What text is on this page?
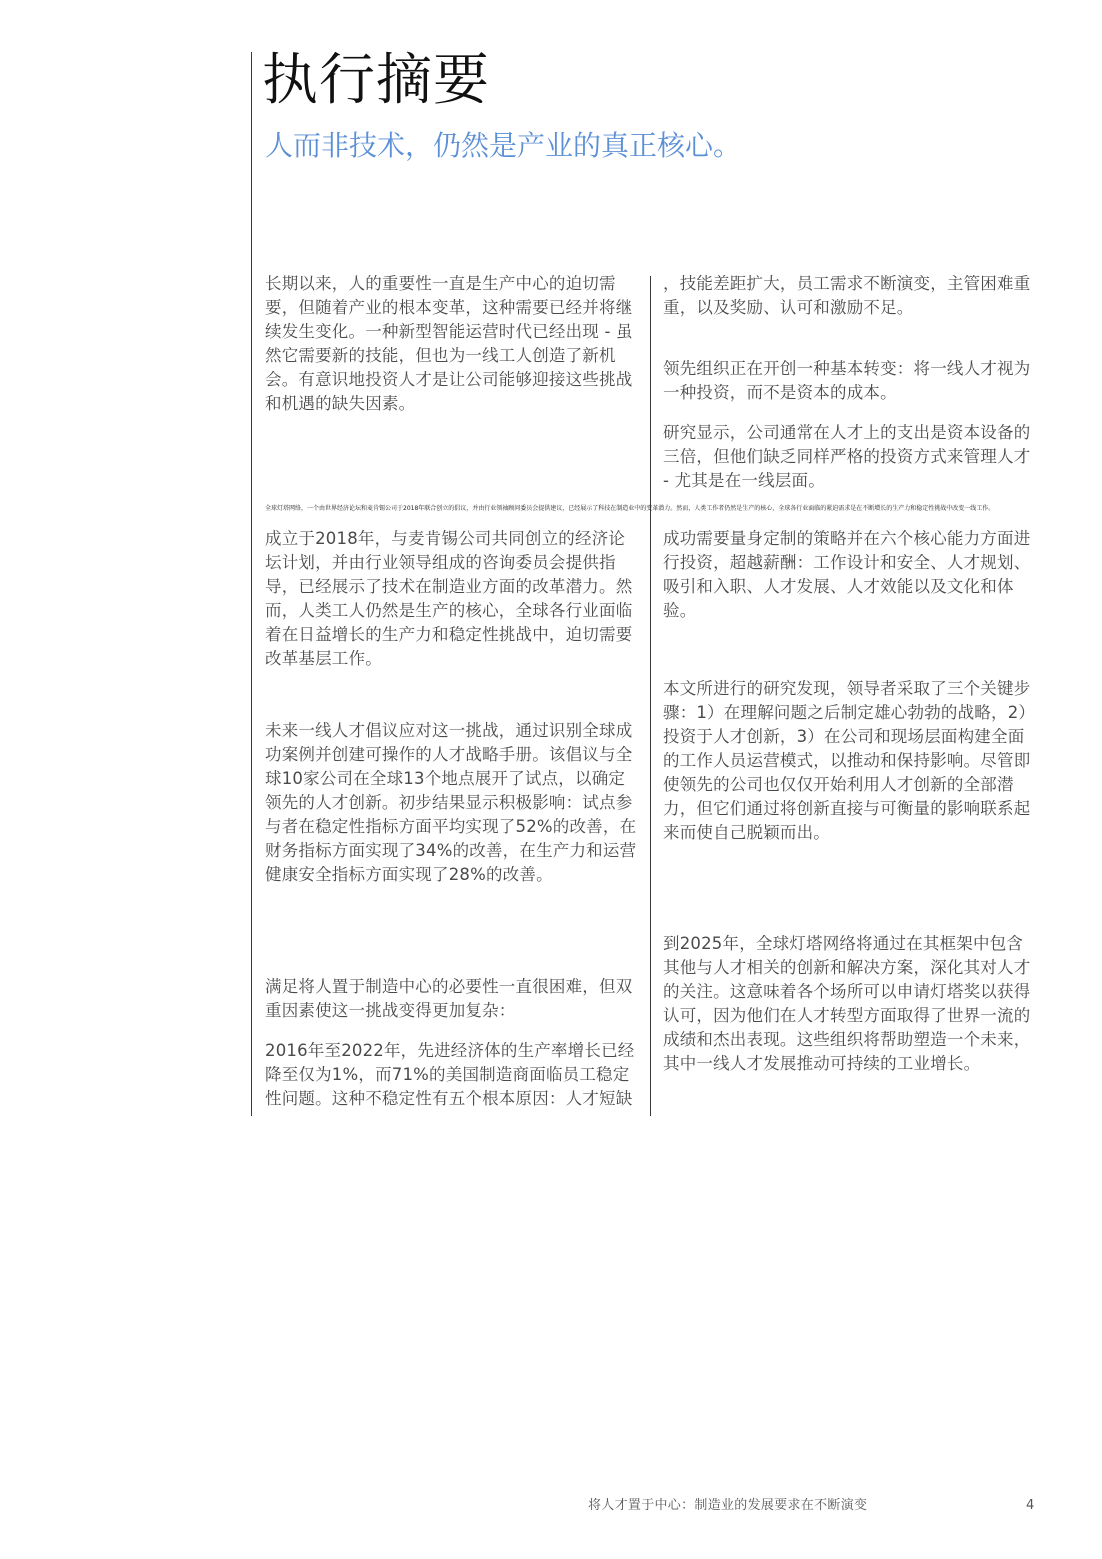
执行摘要
人而非技术，仍然是产业的真正核心。

长期以来，人的重要性一直是生产中心的迫切需要，但随着产业的根本变革，这种需要已经并将继续发生变化。一种新型智能运营时代已经出现 - 虽然它需要新的技能，但也为一线工人创造了新机会。有意识地投资人才是让公司能够迎接这些挑战和机遇的缺失因素。

成立于2018年，与麦肯锡公司共同创立的经济论坛计划，并由行业领导组成的咨询委员会提供指导，已经展示了技术在制造业方面的改革潜力。然而，人类工人仍然是生产的核心，全球各行业面临着在日益增长的生产力和稳定性挑战中，迫切需要改革基层工作。

未来一线人才倡议应对这一挑战，通过识别全球成功案例并创建可操作的人才战略手册。该倡议与全球10家公司在全球13个地点展开了试点，以确定领先的人才创新。初步结果显示积极影响：试点参与者在稳定性指标方面平均实现了52%的改善，在财务指标方面实现了34%的改善，在生产力和运营健康安全指标方面实现了28%的改善。

满足将人置于制造中心的必要性一直很困难，但双重因素使这一挑战变得更加复杂：

2016年至2022年，先进经济体的生产率增长已经降至仅为1%，而71%的美国制造商面临员工稳定性问题。这种不稳定性有五个根本原因：人才短缺

，技能差距扩大，员工需求不断演变，主管困难重重，以及奖励、认可和激励不足。

领先组织正在开创一种基本转变：将一线人才视为一种投资，而不是资本的成本。

研究显示，公司通常在人才上的支出是资本设备的三倍，但他们缺乏同样严格的投资方式来管理人才 - 尤其是在一线层面。

成功需要量身定制的策略并在六个核心能力方面进行投资，超越薪酬：工作设计和安全、人才规划、吸引和入职、人才发展、人才效能以及文化和体验。

本文所进行的研究发现，领导者采取了三个关键步骤：1）在理解问题之后制定雄心勃勃的战略，2）投资于人才创新，3）在公司和现场层面构建全面的工作人员运营模式，以推动和保持影响。尽管即使领先的公司也仅仅开始利用人才创新的全部潜力，但它们通过将创新直接与可衡量的影响联系起来而使自己脱颖而出。

到2025年，全球灯塔网络将通过在其框架中包含其他与人才相关的创新和解决方案，深化其对人才的关注。这意味着各个场所可以申请灯塔奖以获得认可，因为他们在人才转型方面取得了世界一流的成绩和杰出表现。这些组织将帮助塑造一个未来，其中一线人才发展推动可持续的工业增长。

全球灯塔网络，一个由世界经济论坛和麦肯锡公司于2018年联合创立的倡议，并由行业领袖顾问委员会提供建议，已经展示了科技在制造业中的变革潜力。然而，人类工作者仍然是生产的核心，全球各行业面临的紧迫需求是在不断增长的生产力和稳定性挑战中改变一线工作。

将人才置于中心：制造业的发展要求在不断演变	4
